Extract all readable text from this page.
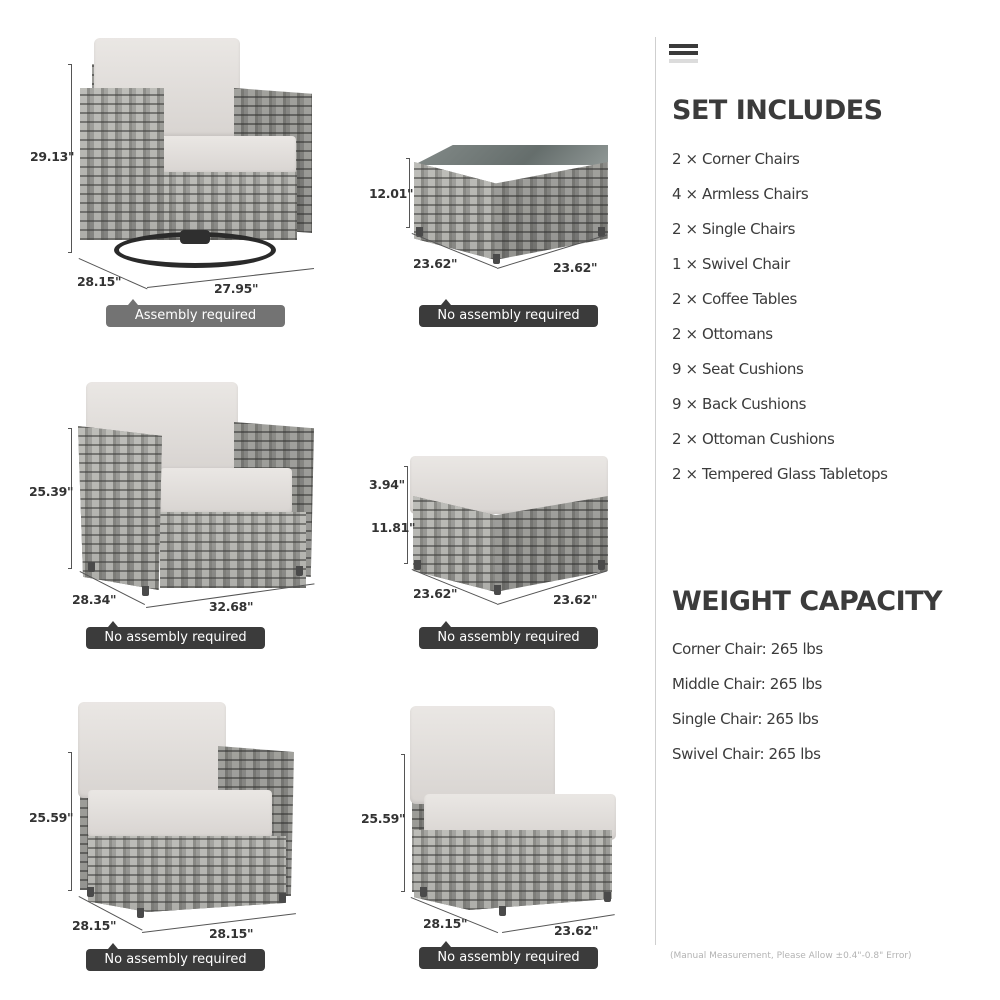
29.13"
28.15"	27.95"
Assembly required
12.01"
23.62"	23.62"
No assembly required
25.39"
28.34"	32.68"
No assembly required
3.94"
11.81"
23.62"	23.62"
No assembly required
25.59"
28.15"
28.15"
No assembly required
25.59"
28.15"	23.62"
No assembly required
SET INCLUDES
2 × Corner Chairs
4 × Armless Chairs
2 × Single Chairs
1 × Swivel Chair
2 × Coffee Tables
2 × Ottomans
9 × Seat Cushions
9 × Back Cushions
2 × Ottoman Cushions
2 × Tempered Glass Tabletops
WEIGHT CAPACITY
Corner Chair: 265 lbs
Middle Chair: 265 lbs
Single Chair: 265 lbs
Swivel Chair: 265 lbs
(Manual Measurement, Please Allow ±0.4"-0.8" Error)
